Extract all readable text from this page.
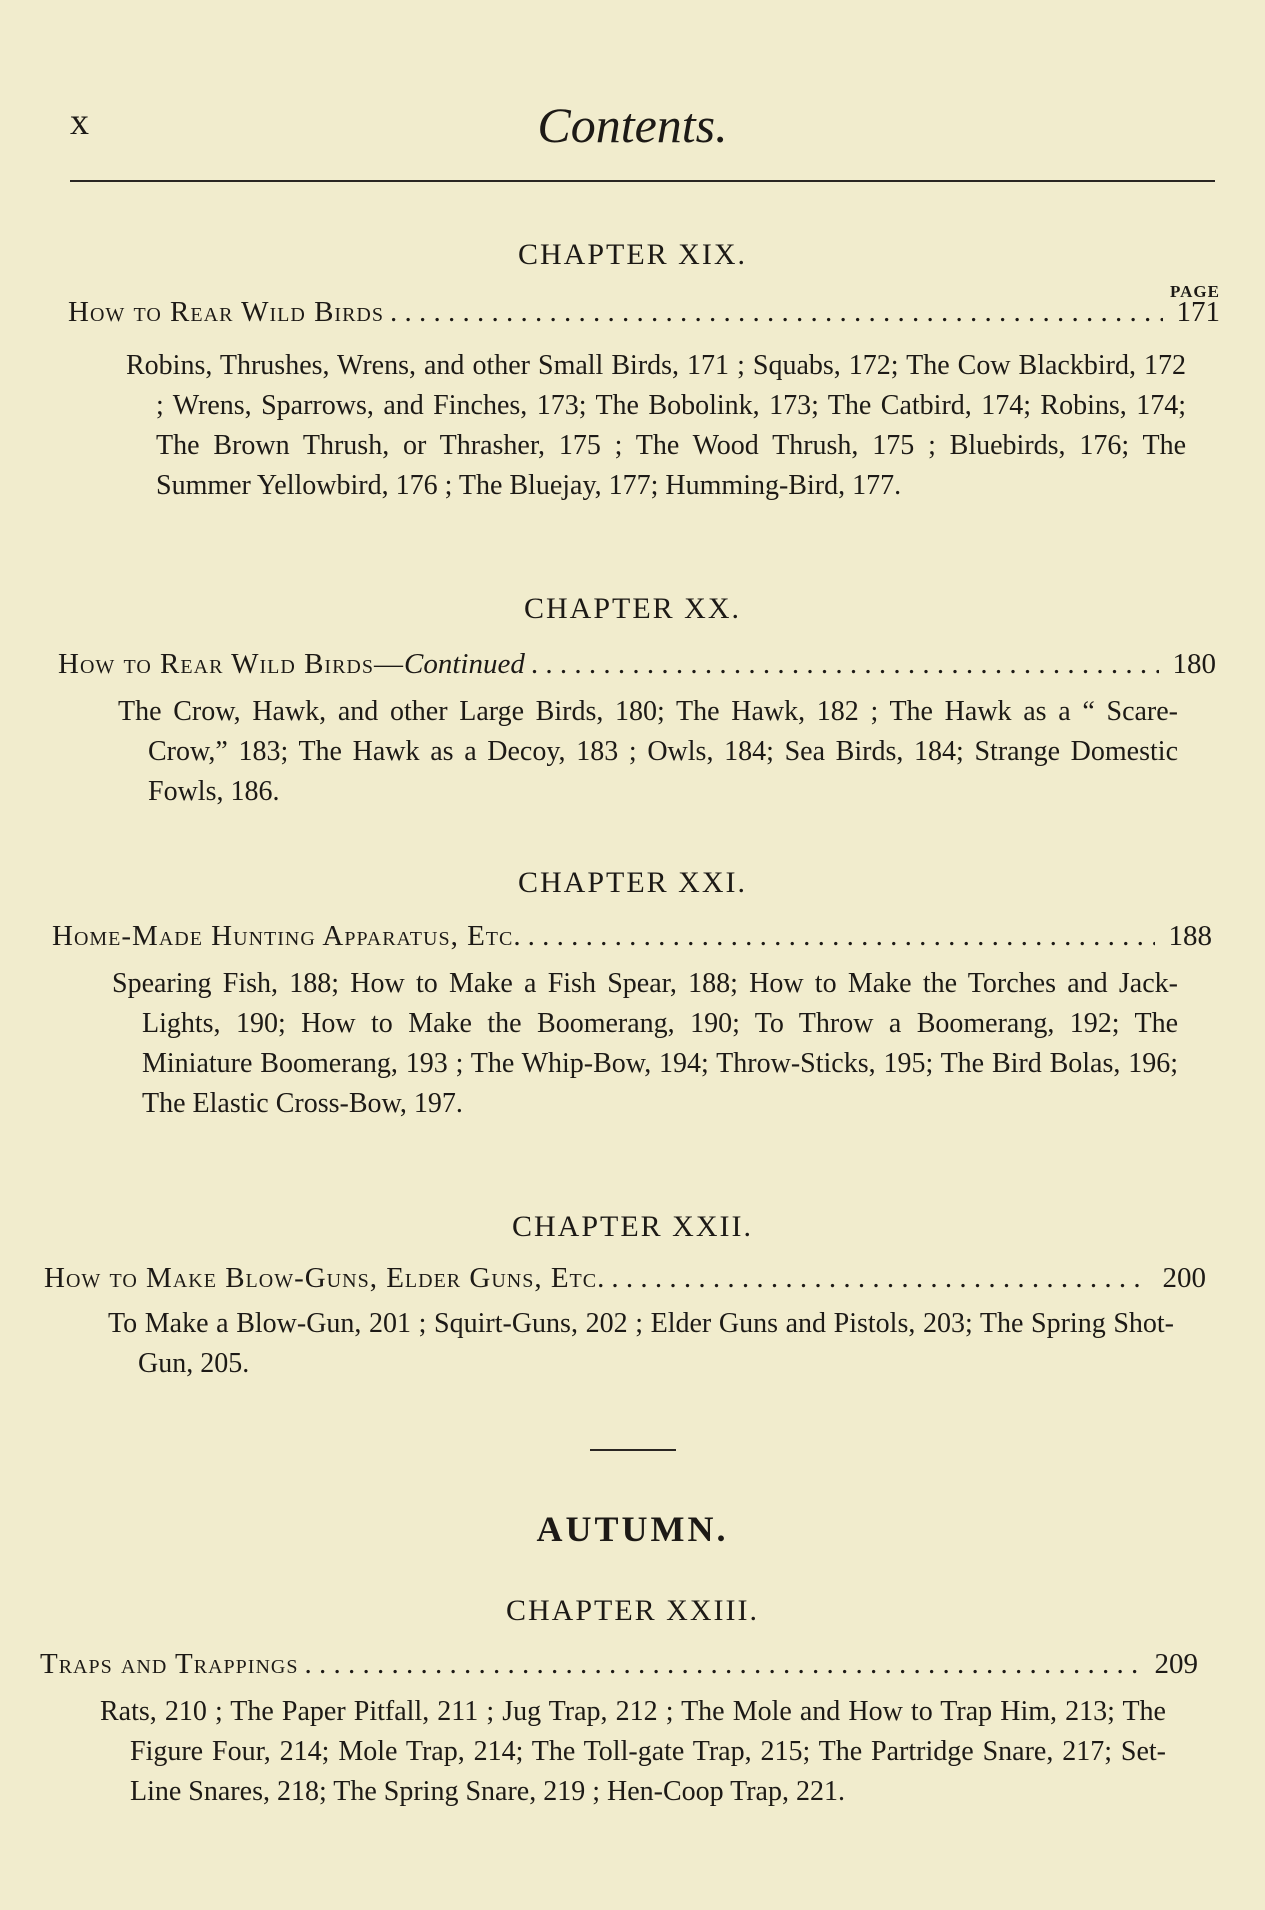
x	Contents.
CHAPTER XIX.
PAGE
How to Rear Wild Birds . . .	171
Robins, Thrushes, Wrens, and other Small Birds, 171 ; Squabs, 172; The Cow Blackbird, 172 ; Wrens, Sparrows, and Finches, 173; The Bobolink, 173; The Catbird, 174; Robins, 174; The Brown Thrush, or Thrasher, 175 ; The Wood Thrush, 175 ; Bluebirds, 176; The Summer Yellowbird, 176 ; The Bluejay, 177; Humming-Bird, 177.
CHAPTER XX.
How to Rear Wild Birds—Continued . . .	180
The Crow, Hawk, and other Large Birds, 180; The Hawk, 182 ; The Hawk as a “ Scare-Crow,” 183; The Hawk as a Decoy, 183 ; Owls, 184; Sea Birds, 184; Strange Domestic Fowls, 186.
CHAPTER XXI.
Home-Made Hunting Apparatus, Etc. . . .	188
Spearing Fish, 188; How to Make a Fish Spear, 188; How to Make the Torches and Jack-Lights, 190; How to Make the Boomerang, 190; To Throw a Boomerang, 192; The Miniature Boomerang, 193 ; The Whip-Bow, 194; Throw-Sticks, 195; The Bird Bolas, 196; The Elastic Cross-Bow, 197.
CHAPTER XXII.
How to Make Blow-Guns, Elder Guns, Etc. . . .	200
To Make a Blow-Gun, 201 ; Squirt-Guns, 202 ; Elder Guns and Pistols, 203; The Spring Shot-Gun, 205.
AUTUMN.
CHAPTER XXIII.
Traps and Trappings . . .	209
Rats, 210 ; The Paper Pitfall, 211 ; Jug Trap, 212 ; The Mole and How to Trap Him, 213; The Figure Four, 214; Mole Trap, 214; The Toll-gate Trap, 215; The Partridge Snare, 217; Set-Line Snares, 218; The Spring Snare, 219 ; Hen-Coop Trap, 221.
